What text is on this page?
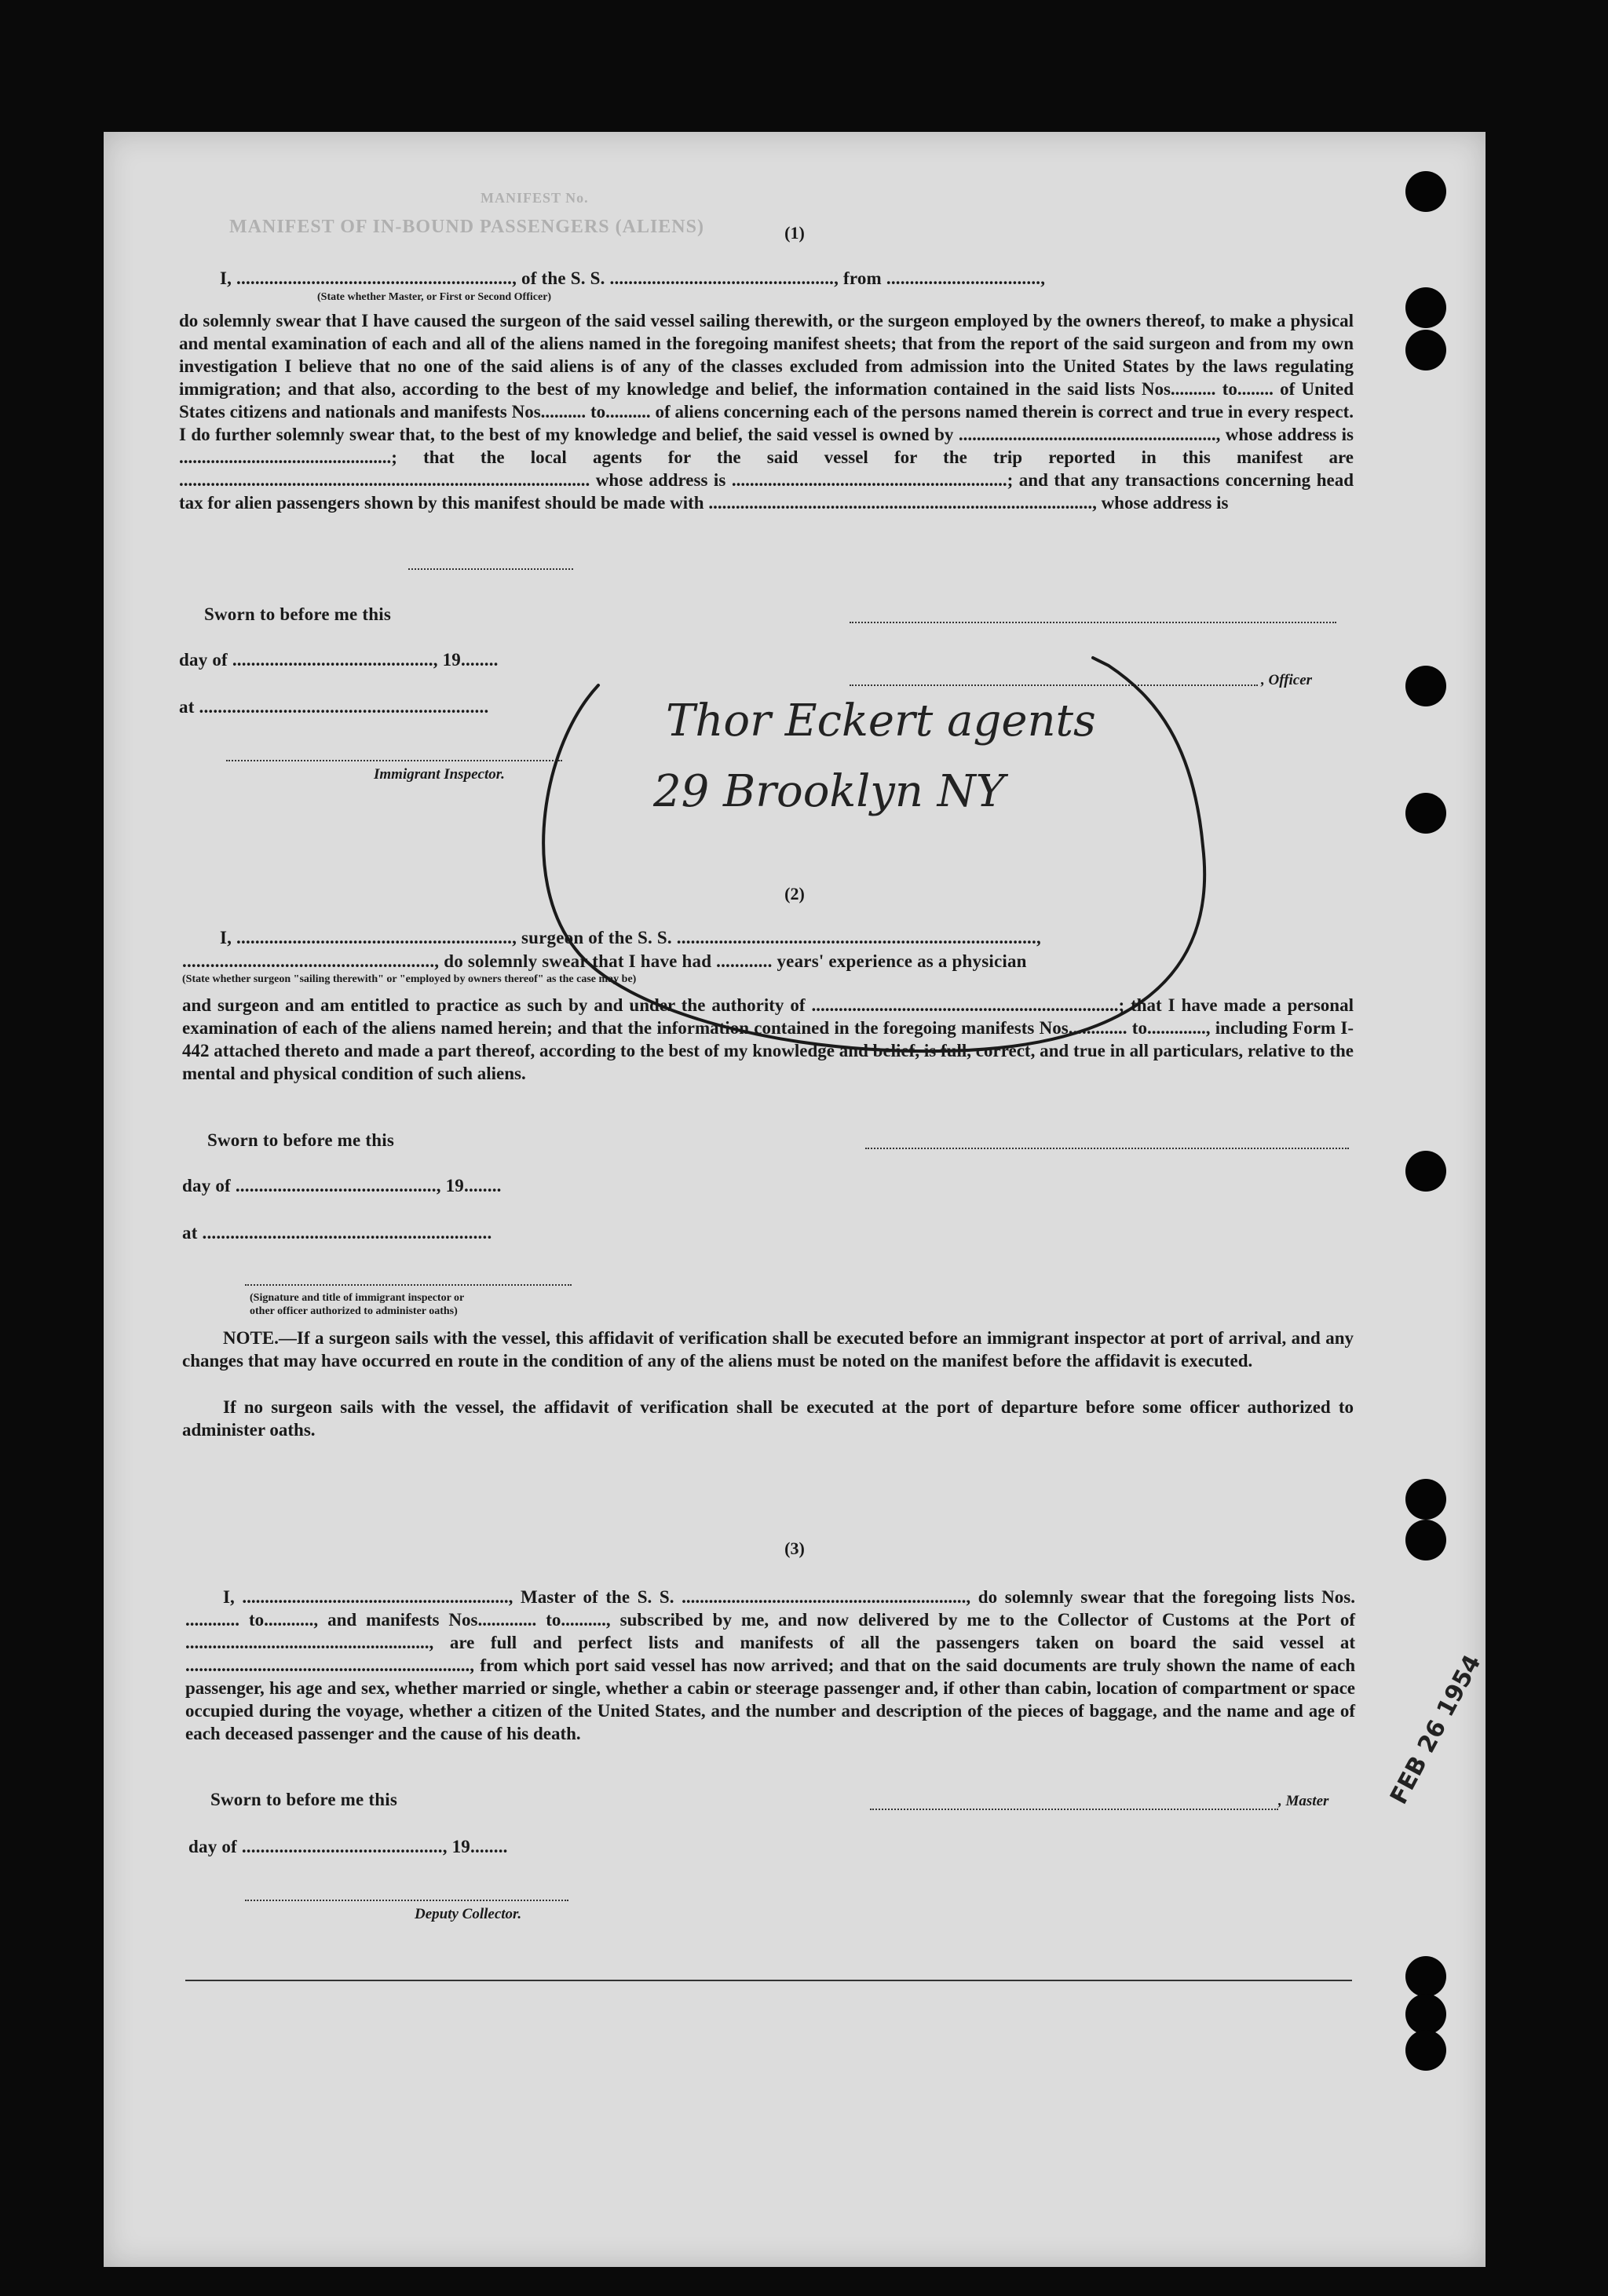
MANIFEST No.
MANIFEST OF IN-BOUND PASSENGERS (ALIENS)	(1)
I, ..........................................................., of the S. S. ................................................, from .................................,
(State whether Master, or First or Second Officer)
do solemnly swear that I have caused the surgeon of the said vessel sailing therewith, or the surgeon employed by the owners thereof, to make a physical and mental examination of each and all of the aliens named in the foregoing manifest sheets; that from the report of the said surgeon and from my own investigation I believe that no one of the said aliens is of any of the classes excluded from admission into the United States by the laws regulating immigration; and that also, according to the best of my knowledge and belief, the information contained in the said lists Nos.......... to........ of United States citizens and nationals and manifests Nos.......... to.......... of aliens concerning each of the persons named therein is correct and true in every respect. I do further solemnly swear that, to the best of my knowledge and belief, the said vessel is owned by ........................................................., whose address is ...............................................; that the local agents for the said vessel for the trip reported in this manifest are ........................................................................................... whose address is .............................................................; and that any transactions concerning head tax for alien passengers shown by this manifest should be made with ....................................................................................., whose address is
Sworn to before me this
day of ..........................................., 19........
, Officer
at ..............................................................
Immigrant Inspector.
Thor Eckert agents
29 Brooklyn NY
(2)
I, ..........................................................., surgeon of the S. S. .............................................................................,
......................................................, do solemnly swear that I have had ............ years' experience as a physician
(State whether surgeon "sailing therewith" or "employed by owners thereof" as the case may be)
and surgeon and am entitled to practice as such by and under the authority of ....................................................................; that I have made a personal examination of each of the aliens named herein; and that the information contained in the foregoing manifests Nos............. to............., including Form I-442 attached thereto and made a part thereof, according to the best of my knowledge and belief, is full, correct, and true in all particulars, relative to the mental and physical condition of such aliens.
Sworn to before me this
day of ..........................................., 19........
at ..............................................................
(Signature and title of immigrant inspector or
other officer authorized to administer oaths)
NOTE.—If a surgeon sails with the vessel, this affidavit of verification shall be executed before an immigrant inspector at port of arrival, and any changes that may have occurred en route in the condition of any of the aliens must be noted on the manifest before the affidavit is executed.
If no surgeon sails with the vessel, the affidavit of verification shall be executed at the port of departure before some officer authorized to administer oaths.
(3)
I, ..........................................................., Master of the S. S. ..............................................................., do solemnly swear that the foregoing lists Nos. ............ to..........., and manifests Nos............. to.........., subscribed by me, and now delivered by me to the Collector of Customs at the Port of ......................................................, are full and perfect lists and manifests of all the passengers taken on board the said vessel at ..............................................................., from which port said vessel has now arrived; and that on the said documents are truly shown the name of each passenger, his age and sex, whether married or single, whether a cabin or steerage passenger and, if other than cabin, location of compartment or space occupied during the voyage, whether a citizen of the United States, and the number and description of the pieces of baggage, and the name and age of each deceased passenger and the cause of his death.
Sworn to before me this	, Master
day of ..........................................., 19........
Deputy Collector.
FEB 26 1954
